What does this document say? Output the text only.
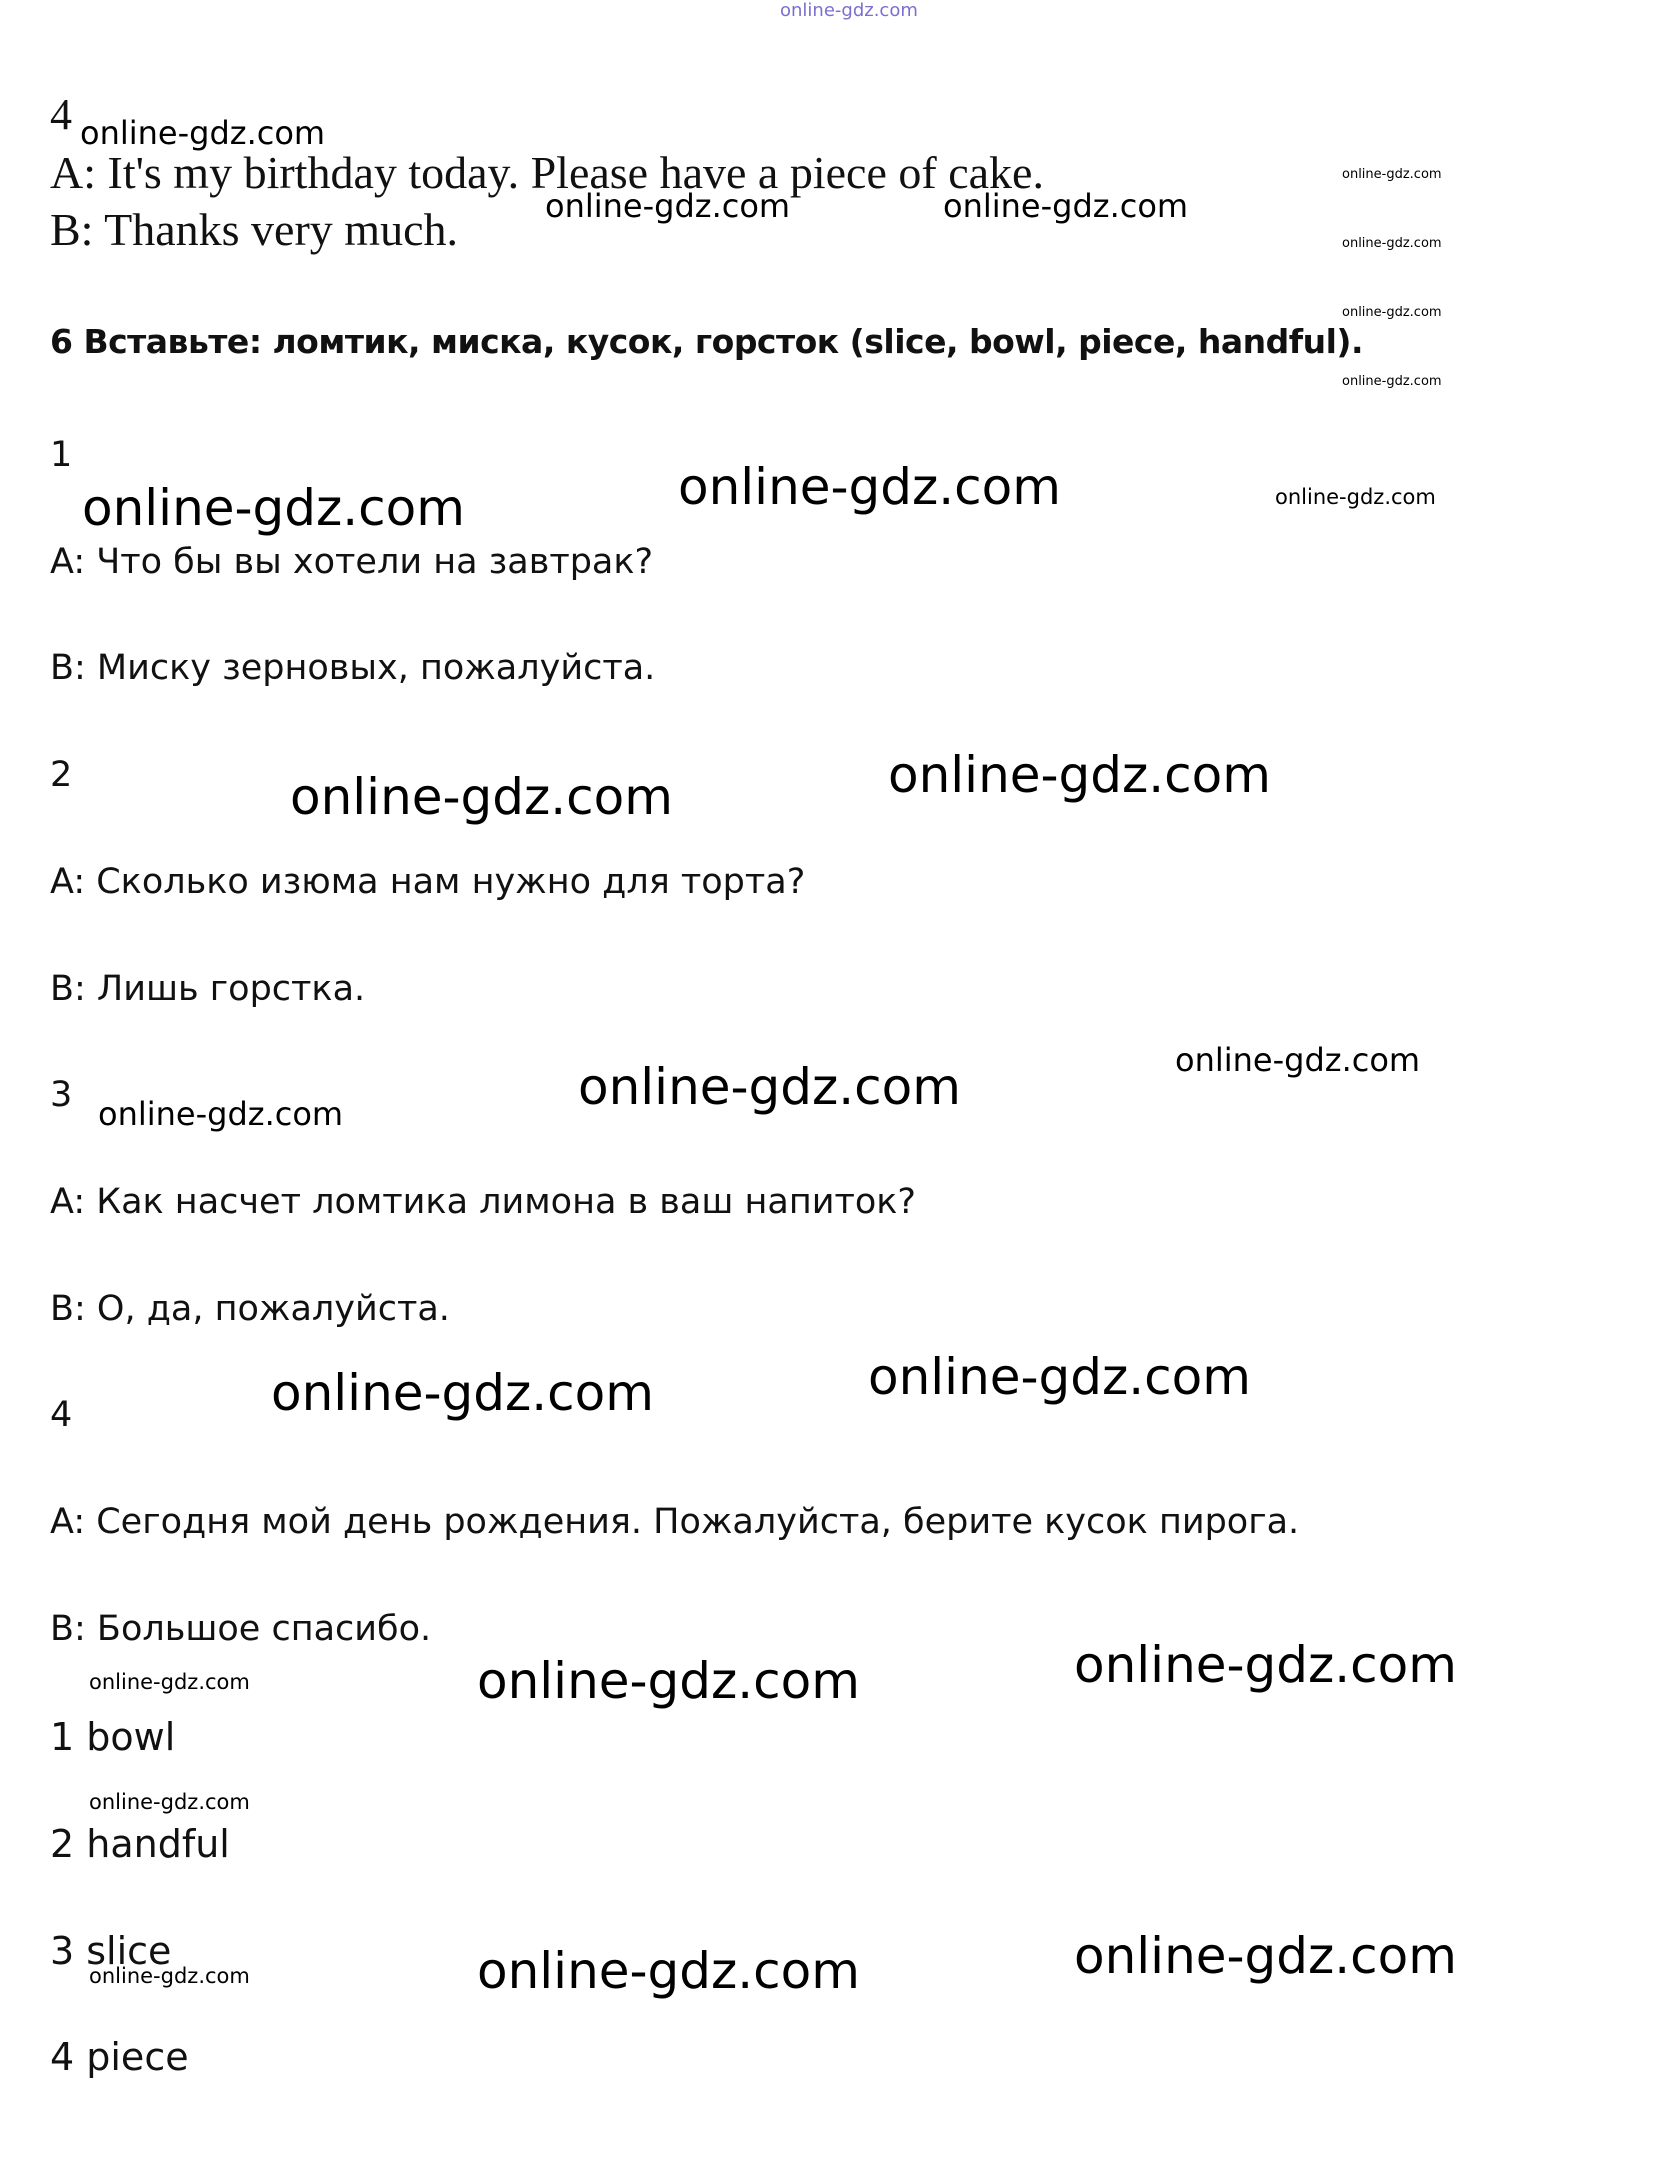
online-gdz.com
4
A: It's my birthday today. Please have a piece of cake.
B: Thanks very much.
6 Вставьте: ломтик, миска, кусок, горсток (slice, bowl, piece, handful).
1
A: Что бы вы хотели на завтрак?
B: Миску зерновых, пожалуйста.
2
A: Сколько изюма нам нужно для торта?
B: Лишь горстка.
3
A: Как насчет ломтика лимона в ваш напиток?
B: О, да, пожалуйста.
4
A: Сегодня мой день рождения. Пожалуйста, берите кусок пирога.
B: Большое спасибо.
1 bowl
2 handful
3 slice
4 piece
online-gdz.com
online-gdz.com	online-gdz.com
online-gdz.com
online-gdz.com
online-gdz.com
online-gdz.com
online-gdz.com	online-gdz.com	online-gdz.com
online-gdz.com	online-gdz.com
online-gdz.com	online-gdz.com	online-gdz.com
online-gdz.com	online-gdz.com
online-gdz.com	online-gdz.com	online-gdz.com
online-gdz.com
online-gdz.com	online-gdz.com	online-gdz.com
